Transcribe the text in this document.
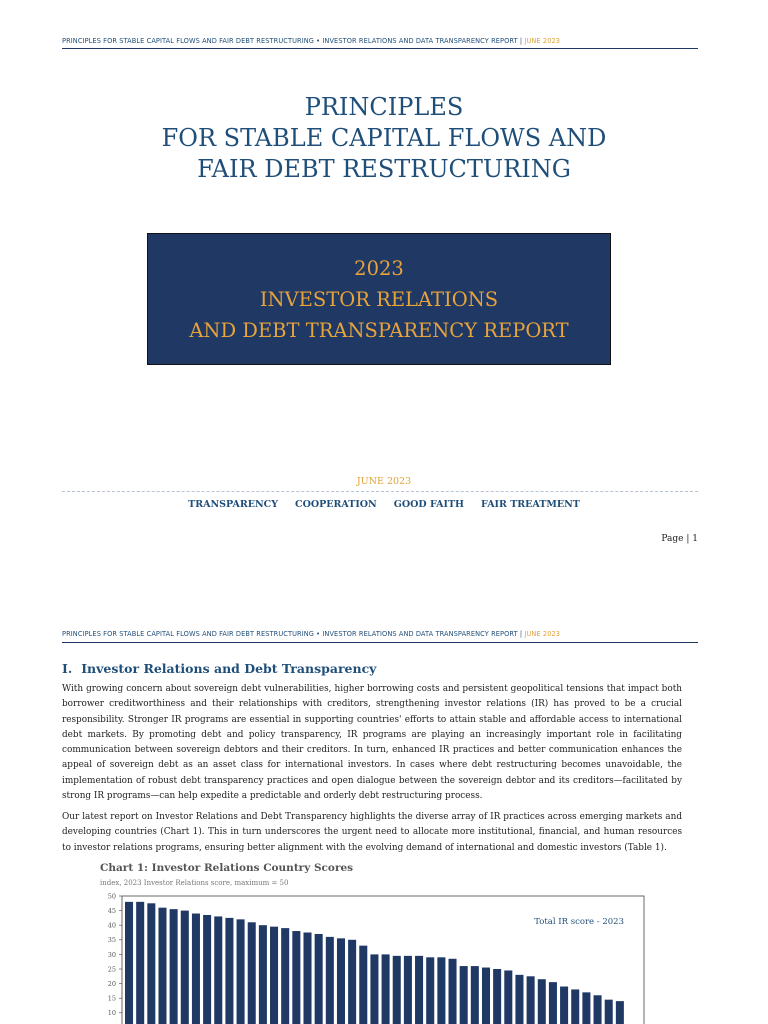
PRINCIPLES FOR STABLE CAPITAL FLOWS AND FAIR DEBT RESTRUCTURING • INVESTOR RELATIONS AND DATA TRANSPARENCY REPORT | JUNE 2023
PRINCIPLES
FOR STABLE CAPITAL FLOWS AND
FAIR DEBT RESTRUCTURING
2023
INVESTOR RELATIONS
AND DEBT TRANSPARENCY REPORT
JUNE 2023
TRANSPARENCY COOPERATION GOOD FAITH FAIR TREATMENT
Page | 1
PRINCIPLES FOR STABLE CAPITAL FLOWS AND FAIR DEBT RESTRUCTURING • INVESTOR RELATIONS AND DATA TRANSPARENCY REPORT | JUNE 2023
I. Investor Relations and Debt Transparency

With growing concern about sovereign debt vulnerabilities, higher borrowing costs and persistent geopolitical tensions that impact both borrower creditworthiness and their relationships with creditors, strengthening investor relations (IR) has proved to be a crucial responsibility. Stronger IR programs are essential in supporting countries' efforts to attain stable and affordable access to international debt markets. By promoting debt and policy transparency, IR programs are playing an increasingly important role in facilitating communication between sovereign debtors and their creditors. In turn, enhanced IR practices and better communication enhances the appeal of sovereign debt as an asset class for international investors. In cases where debt restructuring becomes unavoidable, the implementation of robust debt transparency practices and open dialogue between the sovereign debtor and its creditors—facilitated by strong IR programs—can help expedite a predictable and orderly debt restructuring process.

Our latest report on Investor Relations and Debt Transparency highlights the diverse array of IR practices across emerging markets and developing countries (Chart 1). This in turn underscores the urgent need to allocate more institutional, financial, and human resources to investor relations programs, ensuring better alignment with the evolving demand of international and domestic investors (Table 1).

Chart 1: Investor Relations Country Scores
index, 2023 Investor Relations score, maximum = 50
50
45
40
35
30
25
20
15
10
Total IR score - 2023
